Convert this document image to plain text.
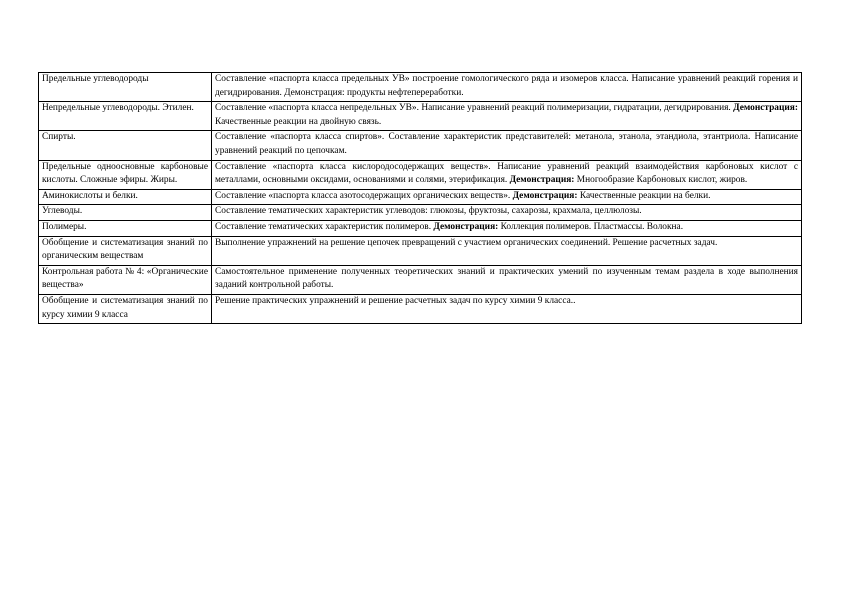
Предельные углеводороды	Составление «паспорта класса предельных УВ» построение гомологического ряда и изомеров класса. Написание уравнений реакций горения и дегидрирования. Демонстрация: продукты нефтепереработки.
Непредельные углеводороды. Этилен.	Составление «паспорта класса непредельных УВ». Написание уравнений реакций полимеризации, гидратации, дегидрирования. Демонстрация: Качественные реакции на двойную связь.
Спирты.	Составление «паспорта класса спиртов». Составление характеристик представителей: метанола, этанола, этандиола, этантриола. Написание уравнений реакций по цепочкам.
Предельные одноосновные карбоновые кислоты. Сложные эфиры. Жиры.	Составление «паспорта класса кислородосодержащих веществ». Написание уравнений реакций взаимодействия карбоновых кислот с металлами, основными оксидами, основаниями и солями, этерификация. Демонстрация: Многообразие Карбоновых кислот, жиров.
Аминокислоты и белки.	Составление «паспорта класса азотосодержащих органических веществ». Демонстрация: Качественные реакции на белки.
Углеводы.	Составление тематических характеристик углеводов: глюкозы, фруктозы, сахарозы, крахмала, целлюлозы.
Полимеры.	Составление тематических характеристик полимеров. Демонстрация: Коллекция полимеров. Пластмассы. Волокна.
Обобщение и систематизация знаний по органическим веществам	Выполнение упражнений на решение цепочек превращений с участием органических соединений. Решение расчетных задач.
Контрольная работа № 4: «Органические вещества»	Самостоятельное применение полученных теоретических знаний и практических умений по изученным темам раздела в ходе выполнения заданий контрольной работы.
Обобщение и систематизация знаний по курсу химии 9 класса	Решение практических упражнений и решение расчетных задач по курсу химии 9 класса..
